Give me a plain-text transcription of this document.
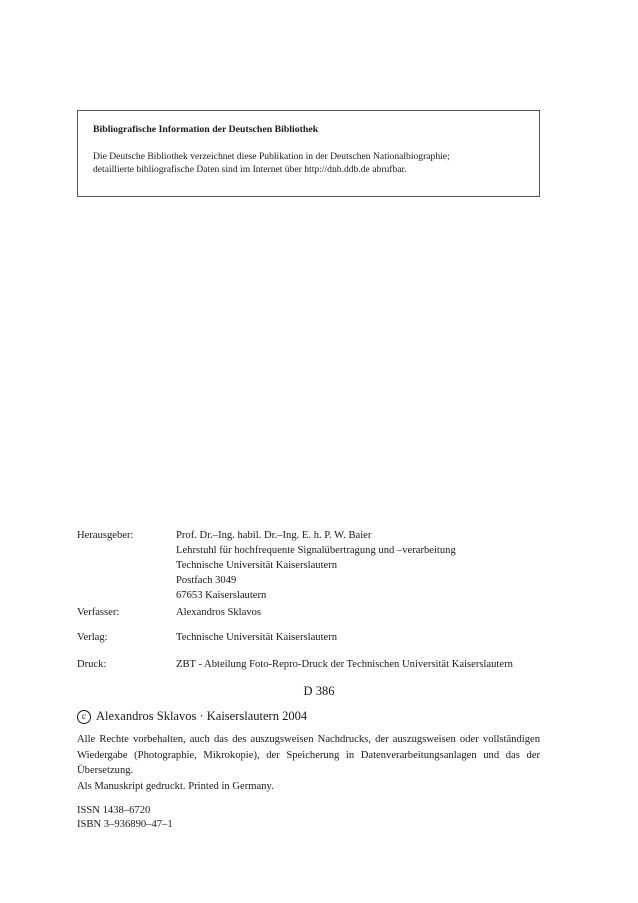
Bibliografische Information der Deutschen Bibliothek
Die Deutsche Bibliothek verzeichnet diese Publikation in der Deutschen Nationalbiographie;
detaillierte bibliografische Daten sind im Internet über http://dnb.ddb.de abrufbar.
Herausgeber:	Prof. Dr.–Ing. habil. Dr.–Ing. E. h. P. W. Baier
Lehrstuhl für hochfrequente Signalübertragung und –verarbeitung
Technische Universität Kaiserslautern
Postfach 3049
67653 Kaiserslautern
Verfasser:	Alexandros Sklavos
Verlag:	Technische Universität Kaiserslautern
Druck:	ZBT - Abteilung Foto-Repro-Druck der Technischen Universität Kaiserslautern
D 386
c Alexandros Sklavos · Kaiserslautern 2004
Alle Rechte vorbehalten, auch das des auszugsweisen Nachdrucks, der auszugsweisen oder vollständigen Wiedergabe (Photographie, Mikrokopie), der Speicherung in Datenverarbeitungsanlagen und das der Übersetzung.
Als Manuskript gedruckt. Printed in Germany.
ISSN 1438–6720
ISBN 3–936890–47–1
